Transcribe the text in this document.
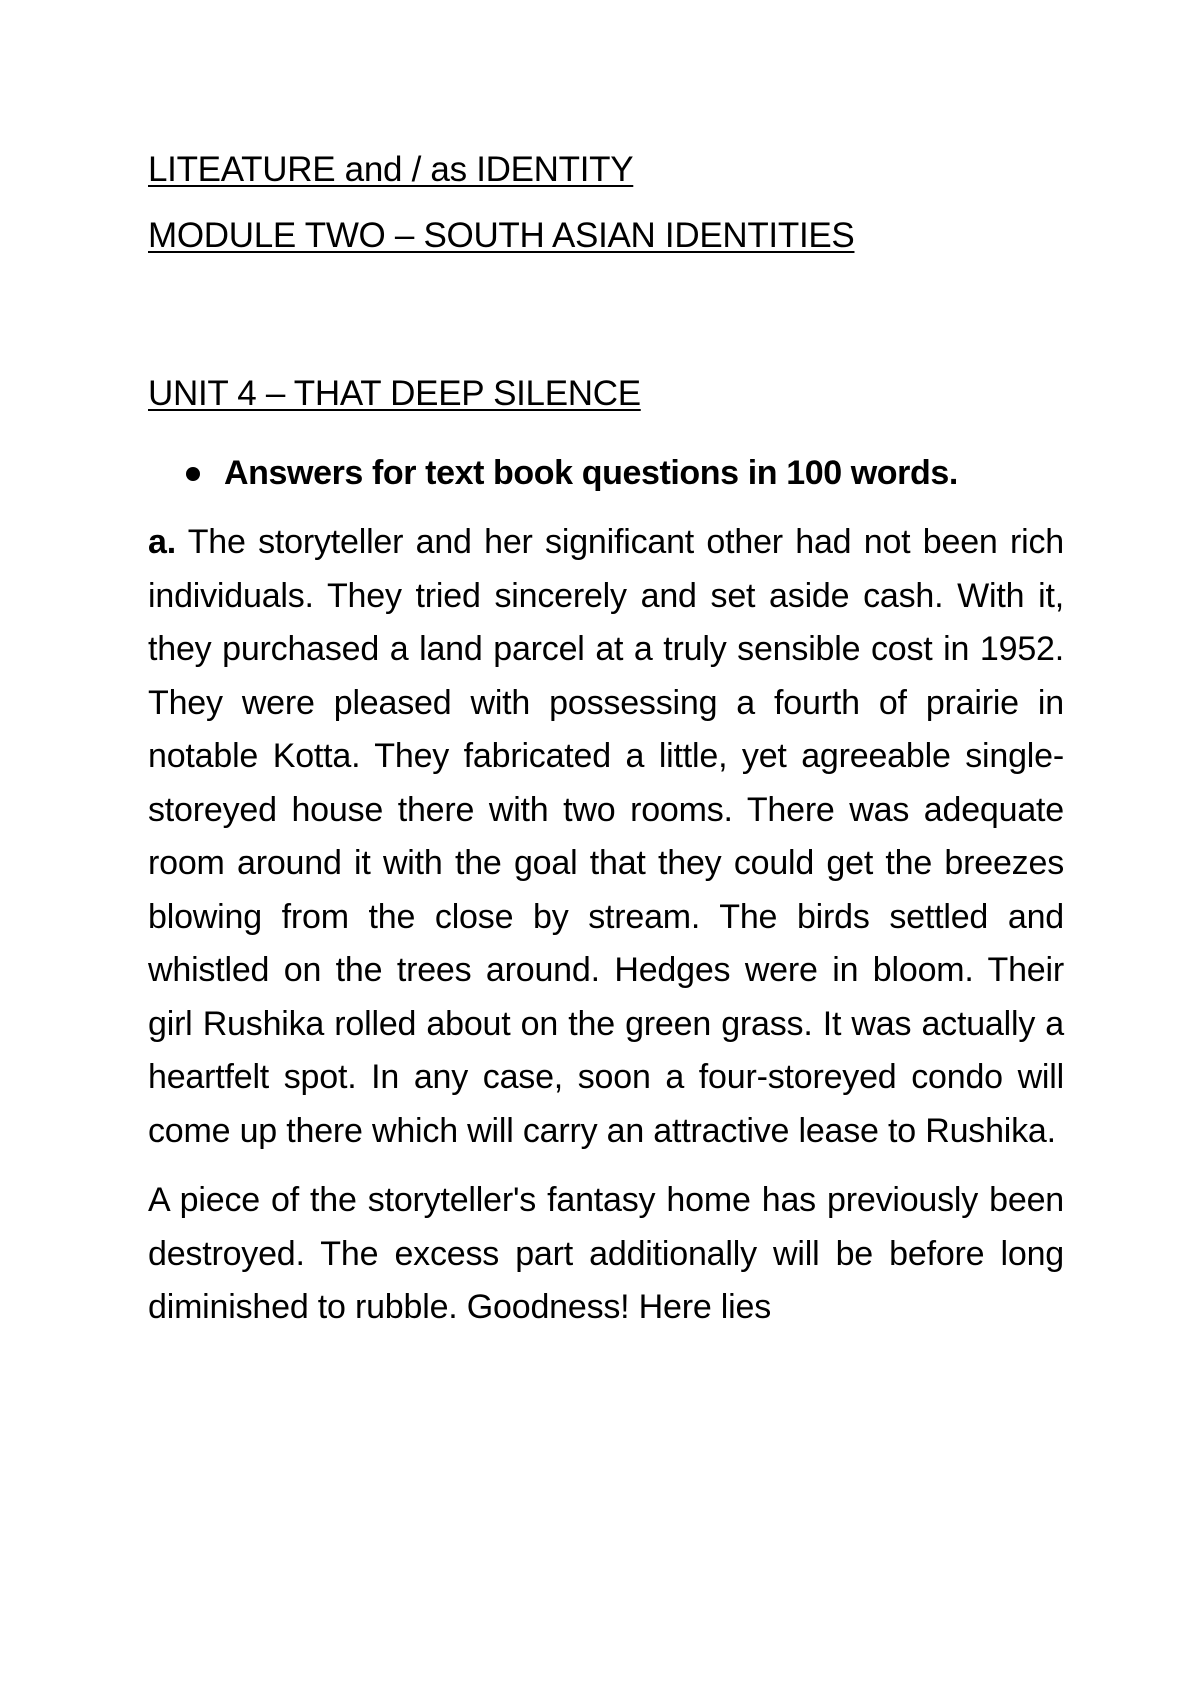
LITEATURE and / as IDENTITY

MODULE TWO – SOUTH ASIAN IDENTITIES

UNIT 4 – THAT DEEP SILENCE

Answers for text book questions in 100 words.

a. The storyteller and her significant other had not been rich individuals. They tried sincerely and set aside cash. With it, they purchased a land parcel at a truly sensible cost in 1952. They were pleased with possessing a fourth of prairie in notable Kotta. They fabricated a little, yet agreeable single-storeyed house there with two rooms. There was adequate room around it with the goal that they could get the breezes blowing from the close by stream. The birds settled and whistled on the trees around. Hedges were in bloom. Their girl Rushika rolled about on the green grass. It was actually a heartfelt spot. In any case, soon a four-storeyed condo will come up there which will carry an attractive lease to Rushika.

A piece of the storyteller's fantasy home has previously been destroyed. The excess part additionally will be before long diminished to rubble. Goodness! Here lies
